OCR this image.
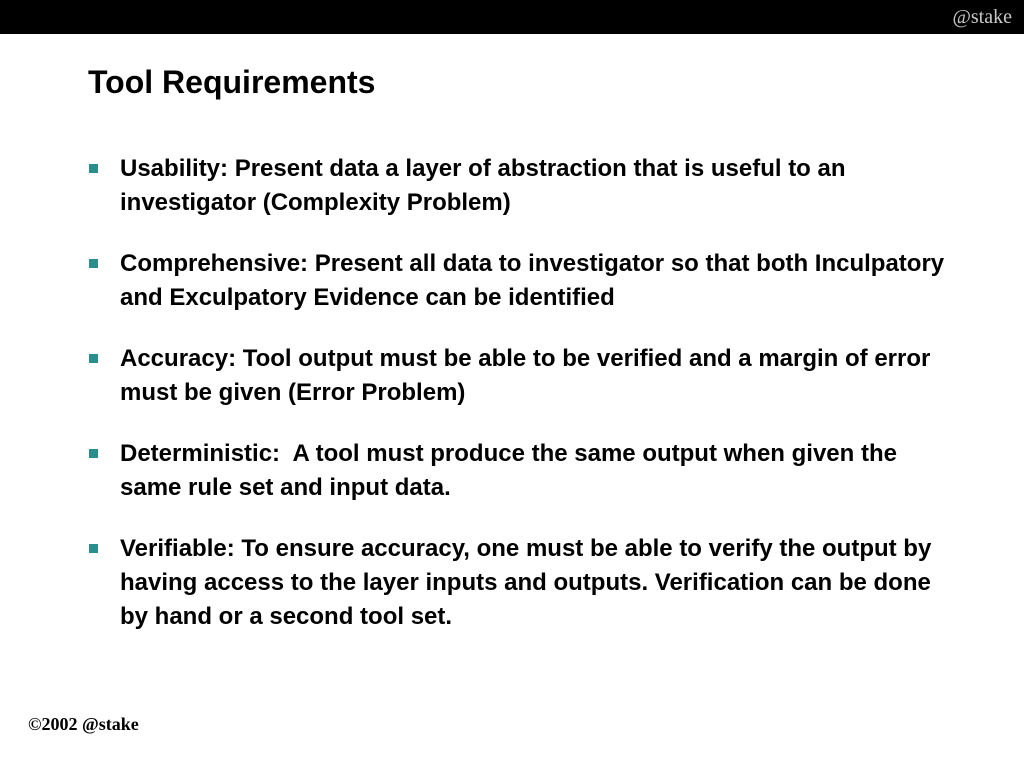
@stake
Tool Requirements
Usability: Present data a layer of abstraction that is useful to an investigator (Complexity Problem)
Comprehensive: Present all data to investigator so that both Inculpatory and Exculpatory Evidence can be identified
Accuracy: Tool output must be able to be verified and a margin of error must be given (Error Problem)
Deterministic:  A tool must produce the same output when given the same rule set and input data.
Verifiable: To ensure accuracy, one must be able to verify the output by having access to the layer inputs and outputs. Verification can be done by hand or a second tool set.
©2002 @stake
